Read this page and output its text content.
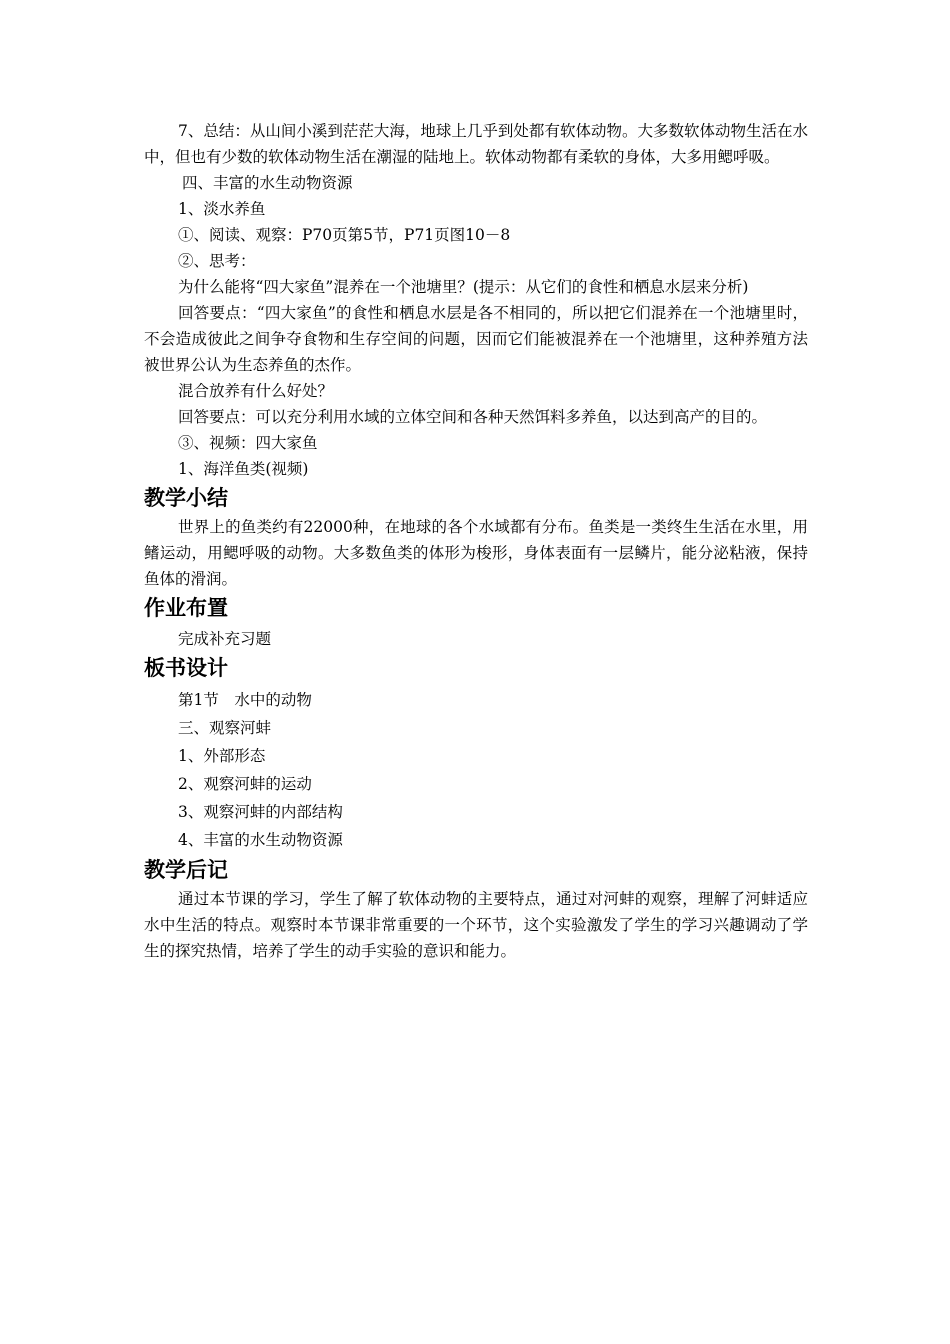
7、总结：从山间小溪到茫茫大海，地球上几乎到处都有软体动物。大多数软体动物生活在水中，但也有少数的软体动物生活在潮湿的陆地上。软体动物都有柔软的身体，大多用鳃呼吸。

四、丰富的水生动物资源

1、淡水养鱼

①、阅读、观察：P70页第5节，P71页图10－8

②、思考：

为什么能将“四大家鱼”混养在一个池塘里？(提示：从它们的食性和栖息水层来分析)

回答要点：“四大家鱼”的食性和栖息水层是各不相同的，所以把它们混养在一个池塘里时，不会造成彼此之间争夺食物和生存空间的问题，因而它们能被混养在一个池塘里，这种养殖方法被世界公认为生态养鱼的杰作。

混合放养有什么好处？

回答要点：可以充分利用水域的立体空间和各种天然饵料多养鱼，以达到高产的目的。

③、视频：四大家鱼

1、海洋鱼类(视频)

教学小结

世界上的鱼类约有22000种，在地球的各个水域都有分布。鱼类是一类终生生活在水里，用鳍运动，用鳃呼吸的动物。大多数鱼类的体形为梭形，身体表面有一层鳞片，能分泌粘液，保持鱼体的滑润。

作业布置

完成补充习题

板书设计

第1节　水中的动物

三、观察河蚌

1、外部形态

2、观察河蚌的运动

3、观察河蚌的内部结构

4、丰富的水生动物资源

教学后记

通过本节课的学习，学生了解了软体动物的主要特点，通过对河蚌的观察，理解了河蚌适应水中生活的特点。观察时本节课非常重要的一个环节，这个实验激发了学生的学习兴趣调动了学生的探究热情，培养了学生的动手实验的意识和能力。
